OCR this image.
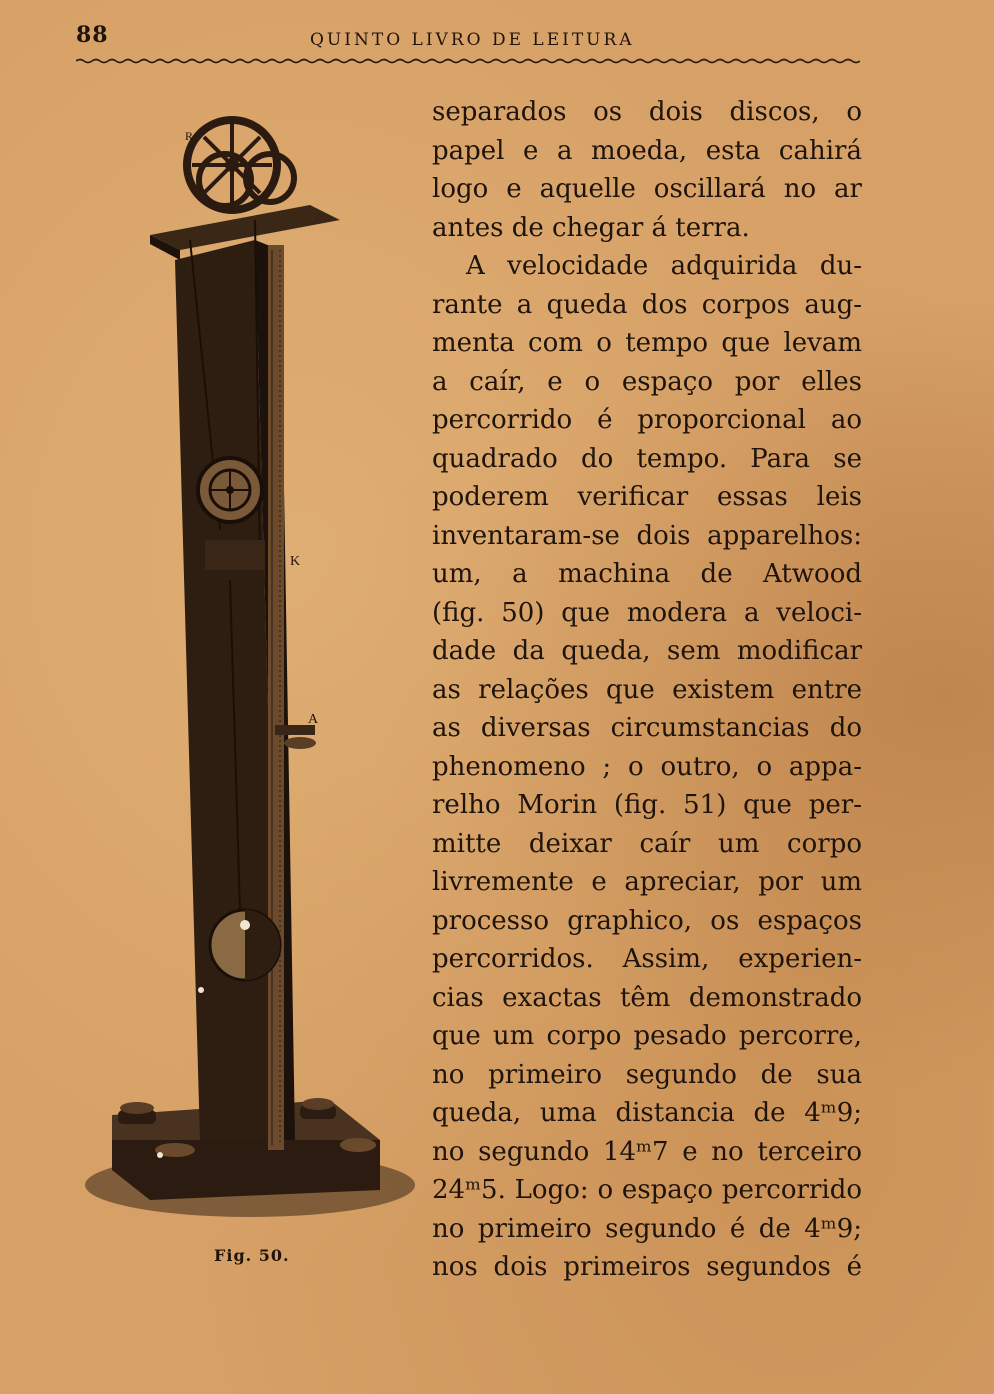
88	QUINTO LIVRO DE LEITURA
R
K
A
Fig. 50.
separados os dois discos, o
papel e a moeda, esta cahirá
logo e aquelle oscillará no ar
antes de chegar á terra.
A velocidade adquirida du-
rante a queda dos corpos aug-
menta com o tempo que levam
a caír, e o espaço por elles
percorrido é proporcional ao
quadrado do tempo. Para se
poderem verificar essas leis
inventaram-se dois apparelhos:
um, a machina de Atwood
(fig. 50) que modera a veloci-
dade da queda, sem modificar
as relações que existem entre
as diversas circumstancias do
phenomeno ; o outro, o appa-
relho Morin (fig. 51) que per-
mitte deixar caír um corpo
livremente e apreciar, por um
processo graphico, os espaços
percorridos. Assim, experien-
cias exactas têm demonstrado
que um corpo pesado percorre,
no primeiro segundo de sua
queda, uma distancia de 4ᵐ9;
no segundo 14ᵐ7 e no terceiro
24ᵐ5. Logo: o espaço percorrido
no primeiro segundo é de 4ᵐ9;
nos dois primeiros segundos é
